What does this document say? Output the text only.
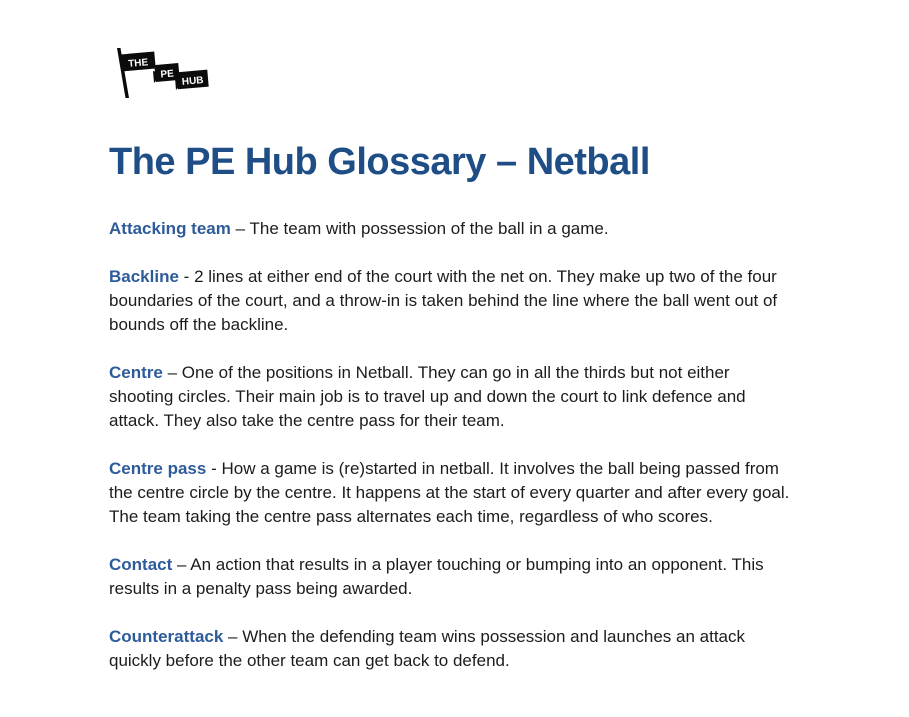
THE
PE
HUB
The PE Hub Glossary – Netball

Attacking team – The team with possession of the ball in a game.

Backline - 2 lines at either end of the court with the net on. They make up two of the four boundaries of the court, and a throw-in is taken behind the line where the ball went out of bounds off the backline.

Centre – One of the positions in Netball. They can go in all the thirds but not either shooting circles. Their main job is to travel up and down the court to link defence and attack. They also take the centre pass for their team.

Centre pass - How a game is (re)started in netball. It involves the ball being passed from the centre circle by the centre. It happens at the start of every quarter and after every goal. The team taking the centre pass alternates each time, regardless of who scores.

Contact – An action that results in a player touching or bumping into an opponent. This results in a penalty pass being awarded.

Counterattack – When the defending team wins possession and launches an attack quickly before the other team can get back to defend.
